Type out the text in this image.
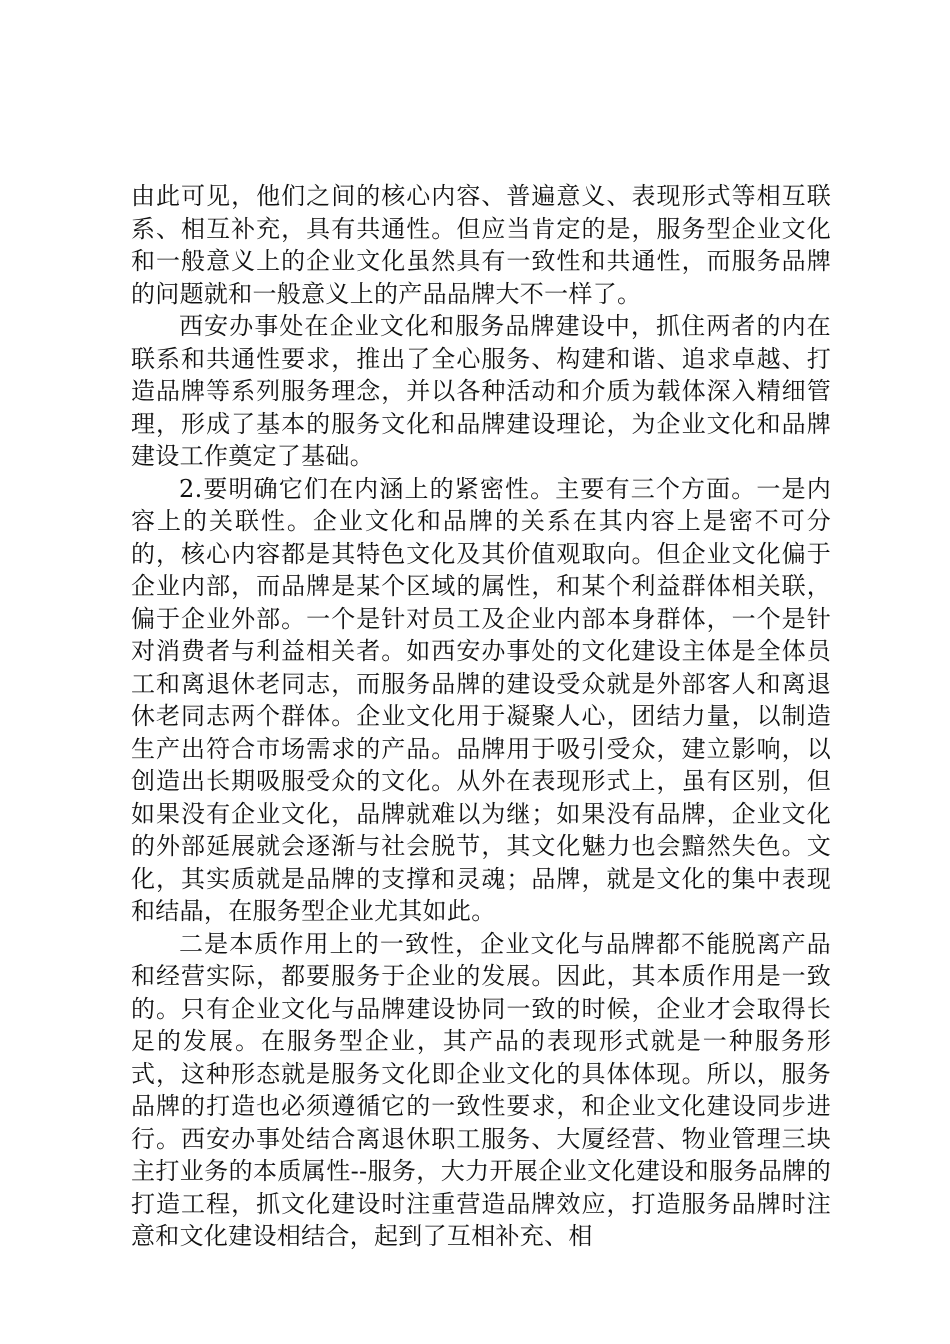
由此可见，他们之间的核心内容、普遍意义、表现形式等相互联系、相互补充，具有共通性。但应当肯定的是，服务型企业文化和一般意义上的企业文化虽然具有一致性和共通性，而服务品牌的问题就和一般意义上的产品品牌大不一样了。

西安办事处在企业文化和服务品牌建设中，抓住两者的内在联系和共通性要求，推出了全心服务、构建和谐、追求卓越、打造品牌等系列服务理念，并以各种活动和介质为载体深入精细管理，形成了基本的服务文化和品牌建设理论，为企业文化和品牌建设工作奠定了基础。

2.要明确它们在内涵上的紧密性。主要有三个方面。一是内容上的关联性。企业文化和品牌的关系在其内容上是密不可分的，核心内容都是其特色文化及其价值观取向。但企业文化偏于企业内部，而品牌是某个区域的属性，和某个利益群体相关联，偏于企业外部。一个是针对员工及企业内部本身群体，一个是针对消费者与利益相关者。如西安办事处的文化建设主体是全体员工和离退休老同志，而服务品牌的建设受众就是外部客人和离退休老同志两个群体。企业文化用于凝聚人心，团结力量，以制造生产出符合市场需求的产品。品牌用于吸引受众，建立影响，以创造出长期吸服受众的文化。从外在表现形式上，虽有区别，但如果没有企业文化，品牌就难以为继；如果没有品牌，企业文化的外部延展就会逐渐与社会脱节，其文化魅力也会黯然失色。文化，其实质就是品牌的支撑和灵魂；品牌，就是文化的集中表现和结晶，在服务型企业尤其如此。

二是本质作用上的一致性，企业文化与品牌都不能脱离产品和经营实际，都要服务于企业的发展。因此，其本质作用是一致的。只有企业文化与品牌建设协同一致的时候，企业才会取得长足的发展。在服务型企业，其产品的表现形式就是一种服务形式，这种形态就是服务文化即企业文化的具体体现。所以，服务品牌的打造也必须遵循它的一致性要求，和企业文化建设同步进行。西安办事处结合离退休职工服务、大厦经营、物业管理三块主打业务的本质属性--服务，大力开展企业文化建设和服务品牌的打造工程，抓文化建设时注重营造品牌效应，打造服务品牌时注意和文化建设相结合，起到了互相补充、相
